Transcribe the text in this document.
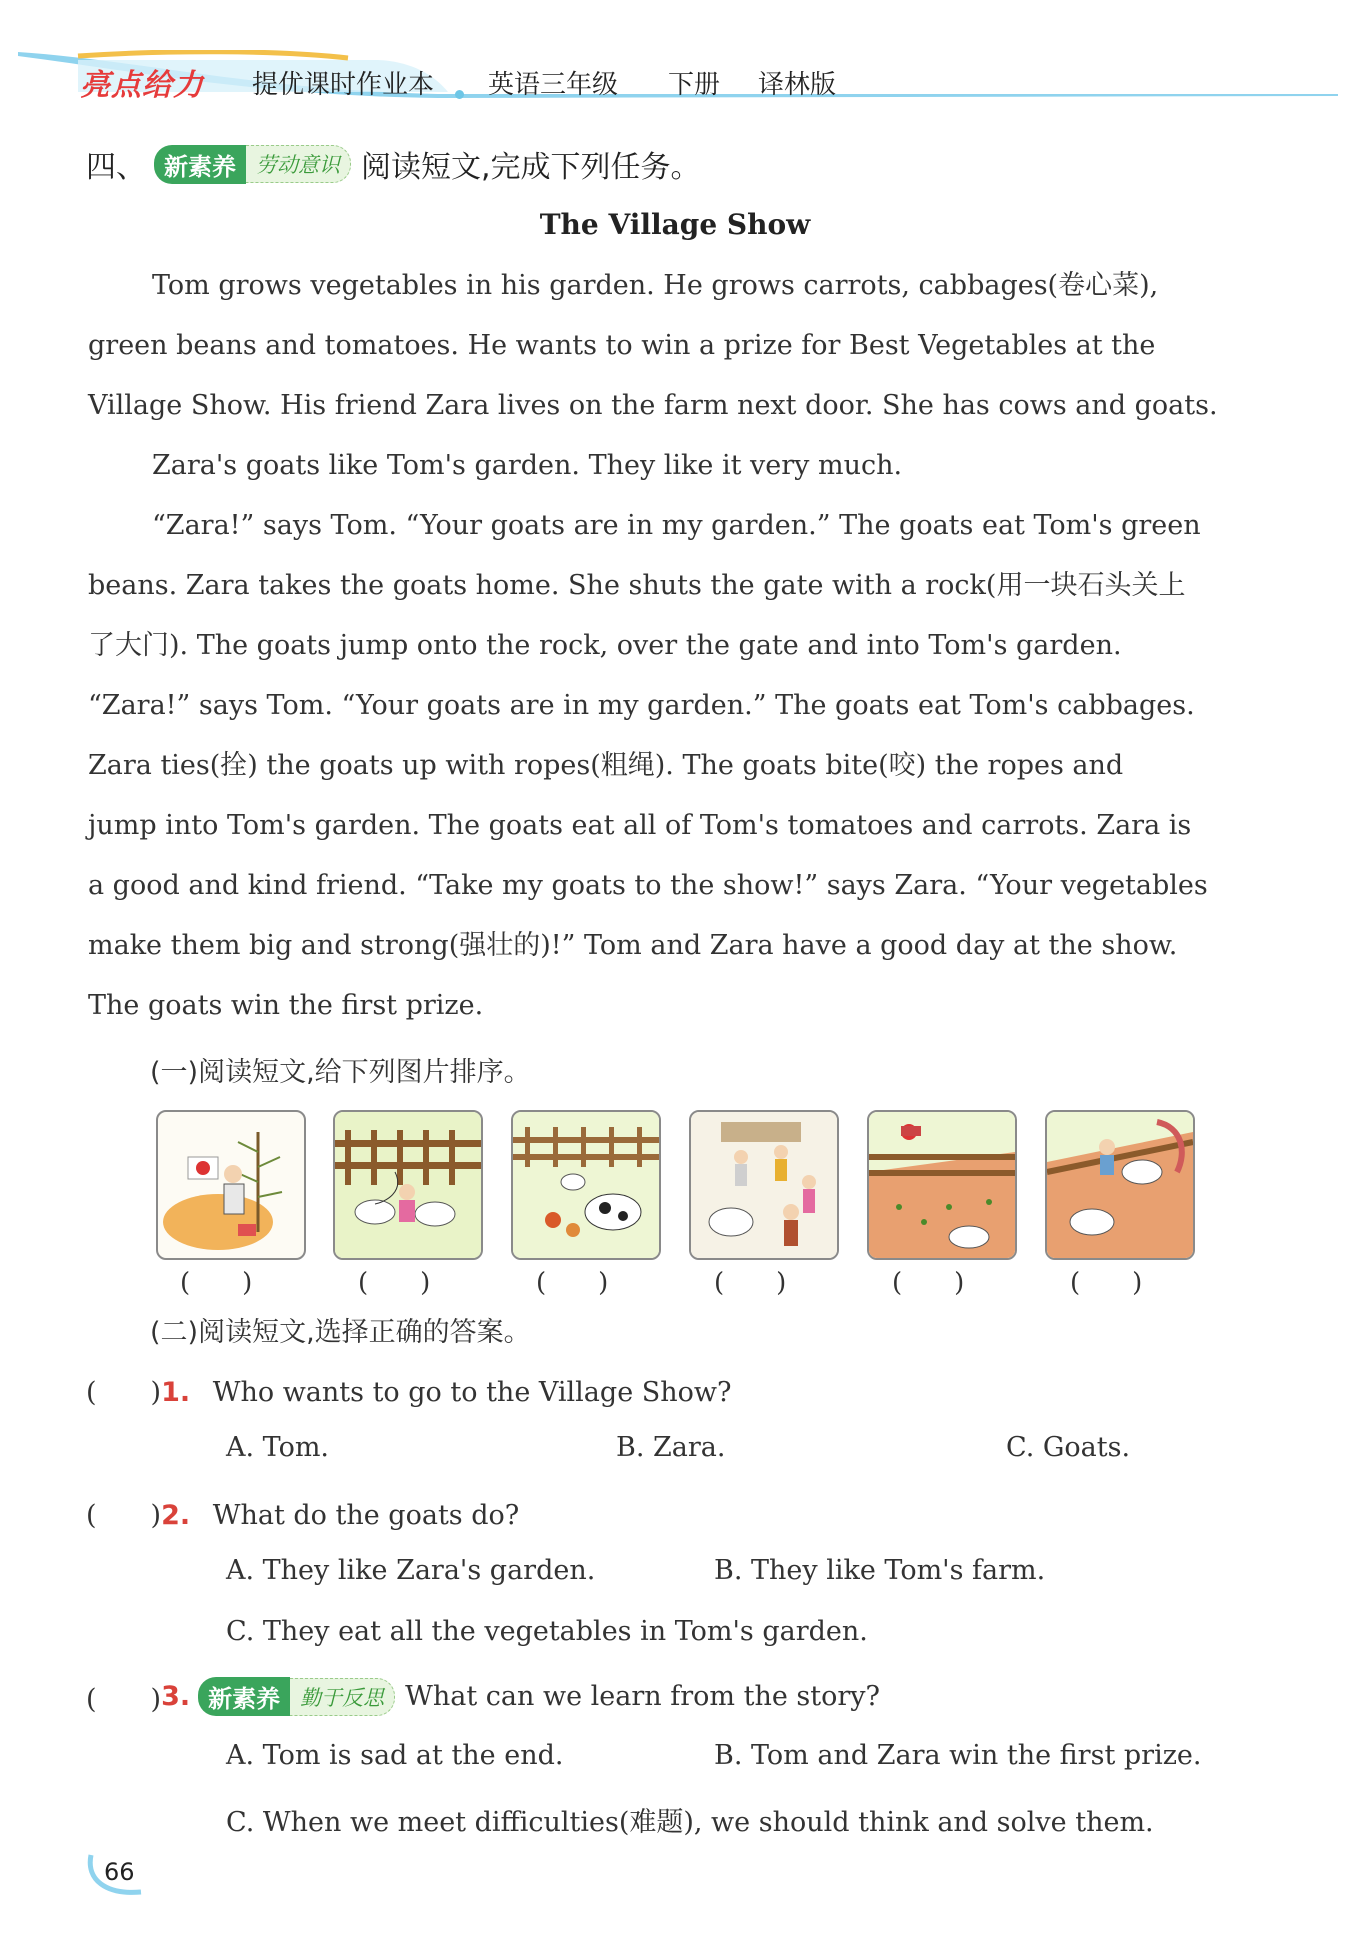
亮点给力 提优课时作业本 英语三年级 下册 译林版
四、 新素养 劳动意识 阅读短文,完成下列任务。
The Village Show
Tom grows vegetables in his garden. He grows carrots, cabbages(卷心菜),
green beans and tomatoes. He wants to win a prize for Best Vegetables at the
Village Show. His friend Zara lives on the farm next door. She has cows and goats.
Zara's goats like Tom's garden. They like it very much.
“Zara!” says Tom. “Your goats are in my garden.” The goats eat Tom's green
beans. Zara takes the goats home. She shuts the gate with a rock(用一块石头关上
了大门). The goats jump onto the rock, over the gate and into Tom's garden.
“Zara!” says Tom. “Your goats are in my garden.” The goats eat Tom's cabbages.
Zara ties(拴) the goats up with ropes(粗绳). The goats bite(咬) the ropes and
jump into Tom's garden. The goats eat all of Tom's tomatoes and carrots. Zara is
a good and kind friend. “Take my goats to the show!” says Zara. “Your vegetables
make them big and strong(强壮的)!” Tom and Zara have a good day at the show.
The goats win the first prize.
(一)阅读短文,给下列图片排序。
(　　)	(　　)	(　　)	(　　)	(　　)	(　　)
(二)阅读短文,选择正确的答案。
(　　)1. Who wants to go to the Village Show?
A. Tom.	B. Zara.	C. Goats.
(　　)2. What do the goats do?
A. They like Zara's garden.	B. They like Tom's farm.
C. They eat all the vegetables in Tom's garden.
(　　) 3. 新素养 勤于反思 What can we learn from the story?
A. Tom is sad at the end.	B. Tom and Zara win the first prize.
C. When we meet difficulties(难题), we should think and solve them.
66
